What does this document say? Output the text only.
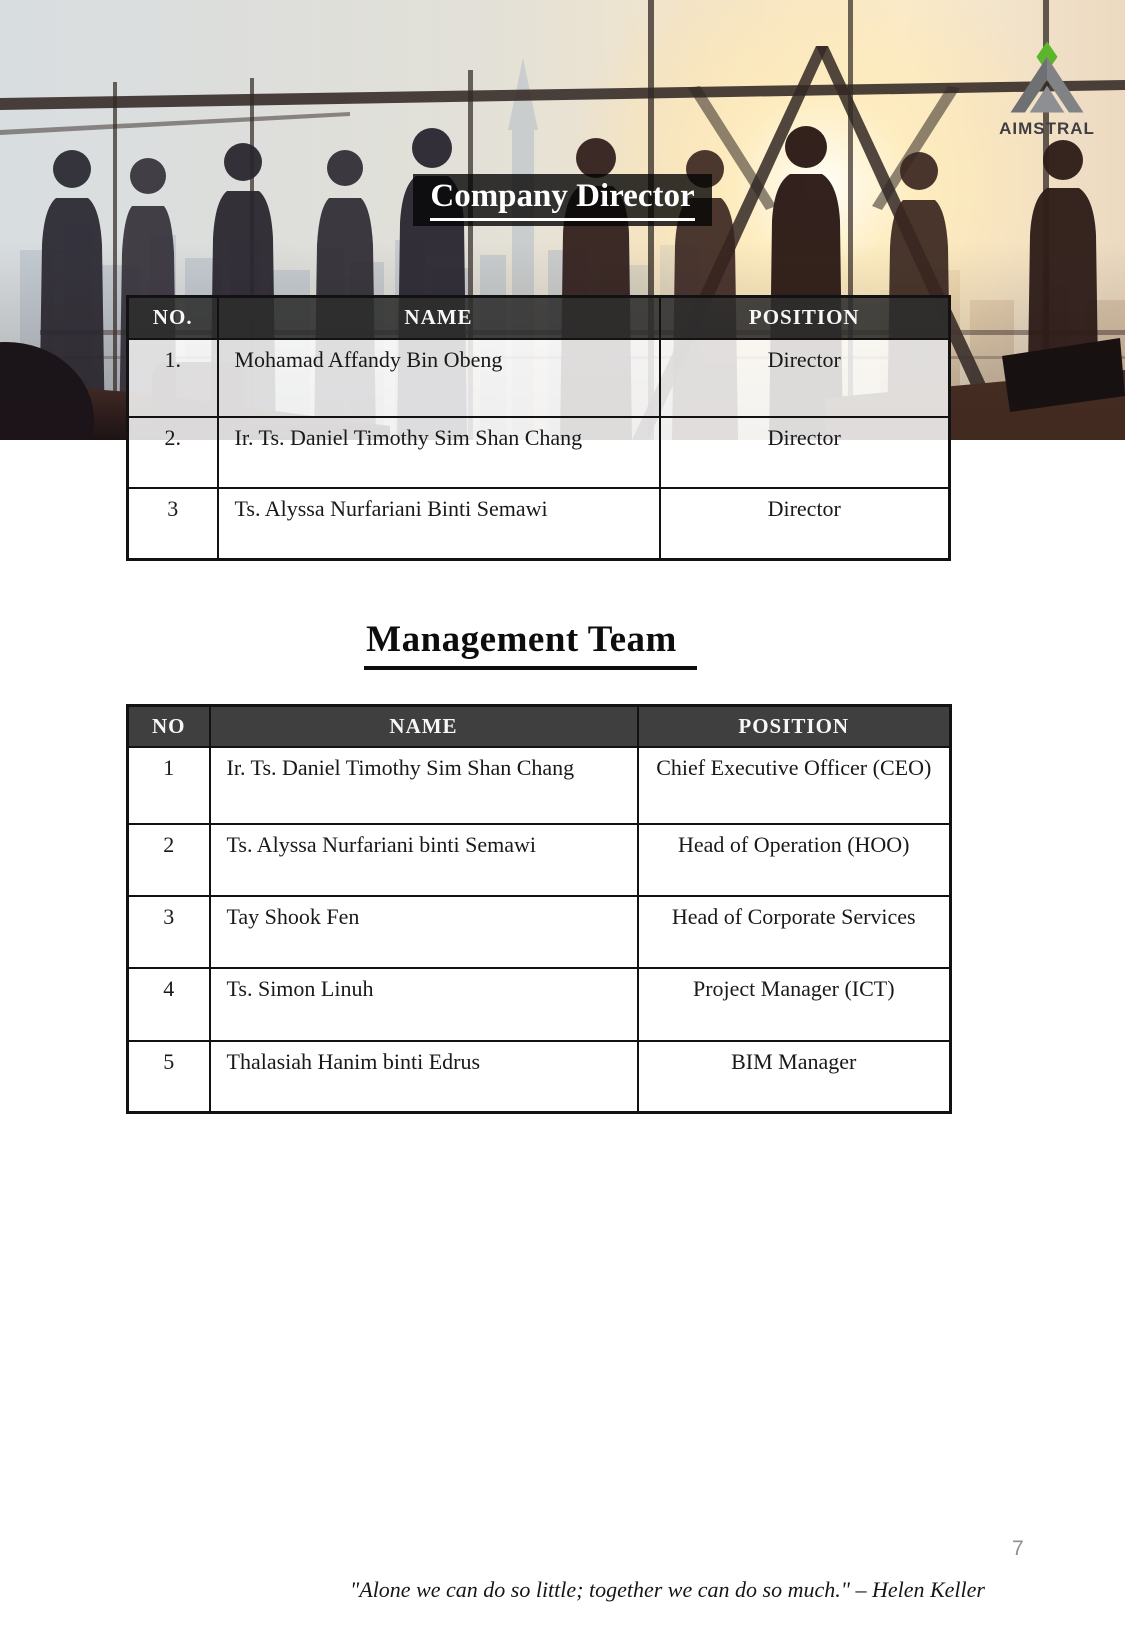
AIMSTRAL
Company Director
NO.	NAME	POSITION
1.	Mohamad Affandy Bin Obeng	Director
2.	Ir. Ts. Daniel Timothy Sim Shan Chang	Director
3	Ts. Alyssa Nurfariani Binti Semawi	Director
Management Team
NO	NAME	POSITION
1	Ir. Ts. Daniel Timothy Sim Shan Chang	Chief Executive Officer (CEO)
2	Ts. Alyssa Nurfariani binti Semawi	Head of Operation (HOO)
3	Tay Shook Fen	Head of Corporate Services
4	Ts. Simon Linuh	Project Manager (ICT)
5	Thalasiah Hanim binti Edrus	BIM Manager
7
"Alone we can do so little; together we can do so much." – Helen Keller
